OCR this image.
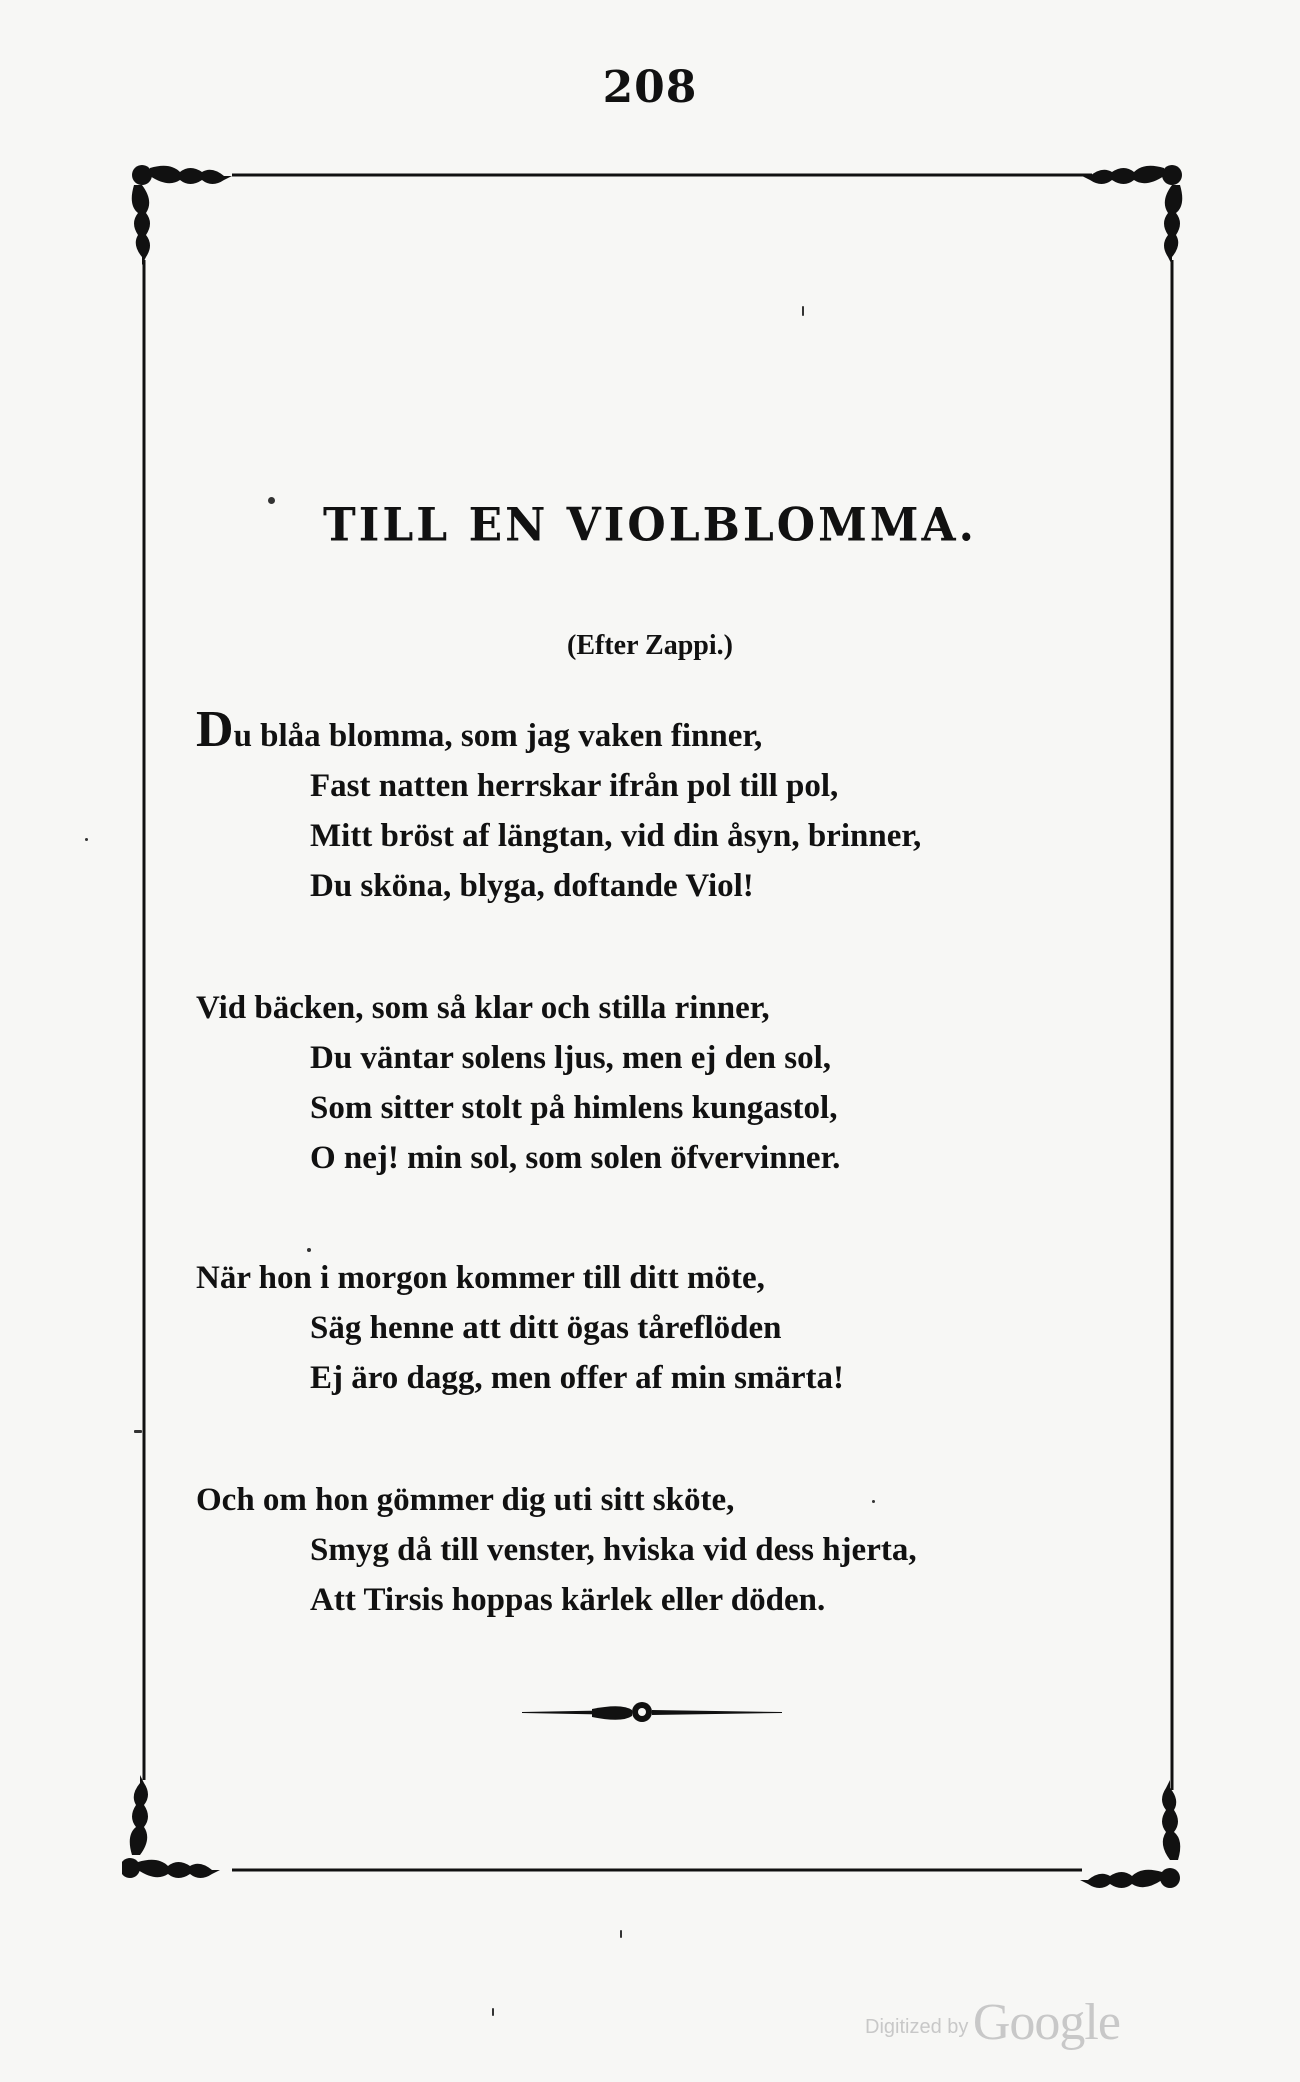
208
TILL EN VIOLBLOMMA.
(Efter Zappi.)
Du blåa blomma, som jag vaken finner,
Fast natten herrskar ifrån pol till pol,
Mitt bröst af längtan, vid din åsyn, brinner,
Du sköna, blyga, doftande Viol!
Vid bäcken, som så klar och stilla rinner,
Du väntar solens ljus, men ej den sol,
Som sitter stolt på himlens kungastol,
O nej! min sol, som solen öfvervinner.
När hon i morgon kommer till ditt möte,
Säg henne att ditt ögas tåreflöden
Ej äro dagg, men offer af min smärta!
Och om hon gömmer dig uti sitt sköte,
Smyg då till venster, hviska vid dess hjerta,
Att Tirsis hoppas kärlek eller döden.
Digitized by Google
